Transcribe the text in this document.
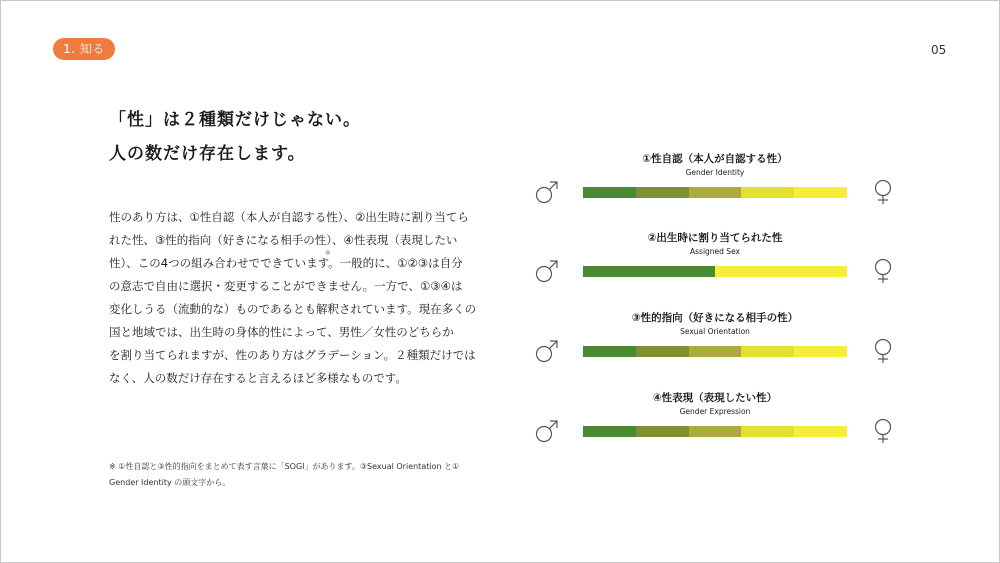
1. 知る	05
「性」は２種類だけじゃない。
人の数だけ存在します。
性のあり方は、①性自認（本人が自認する性）、②出生時に割り当てら
れた性、③性的指向（好きになる相手の性）、④性表現（表現したい
性）、この4つの組み合わせでできています。一般的に、①②③は自分
の意志で自由に選択・変更することができません。一方で、①③④は
変化しうる（流動的な）ものであるとも解釈されています。現在多くの
国と地域では、出生時の身体的性によって、男性／女性のどちらか
を割り当てられますが、性のあり方はグラデーション。２種類だけでは
なく、人の数だけ存在すると言えるほど多様なものです。
※
※ ①性自認と③性的指向をまとめて表す言葉に「SOGI」があります。③Sexual Orientation と①
Gender Identity の頭文字から。
①性自認（本人が自認する性）
Gender Identity
②出生時に割り当てられた性
Assigned Sex
③性的指向（好きになる相手の性）
Sexual Orientation
④性表現（表現したい性）
Gender Expression
